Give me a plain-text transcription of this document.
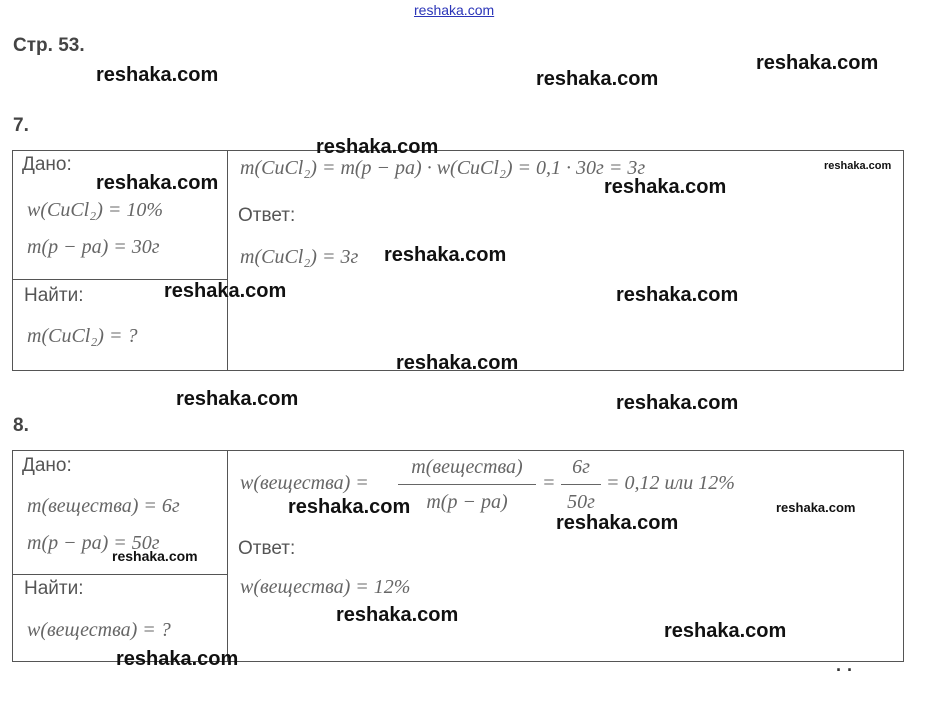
reshaka.com
Стр. 53.
7.
Дано:
w(CuCl₂) = 10%
m(p − pa) = 30г
Найти:
m(CuCl₂) = ?
m(CuCl₂) = m(p − pa) · w(CuCl₂) = 0,1 · 30г = 3г
Ответ:
m(CuCl₂) = 3г
8.
Дано:
m(вещества) = 6г
m(p − pa) = 50г
Найти:
w(вещества) = ?
w(вещества) =
m(вещества)
m(p − pa)
=
6г
50г
= 0,12 или 12%
Ответ:
w(вещества) = 12%
reshaka.com	reshaka.com
reshaka.com
reshaka.com
reshaka.com	reshaka.com
reshaka.com
reshaka.com
reshaka.com	reshaka.com
reshaka.com
reshaka.com	reshaka.com
reshaka.com
reshaka.com
reshaka.com
reshaka.com
reshaka.com
reshaka.com
reshaka.com	· ·
